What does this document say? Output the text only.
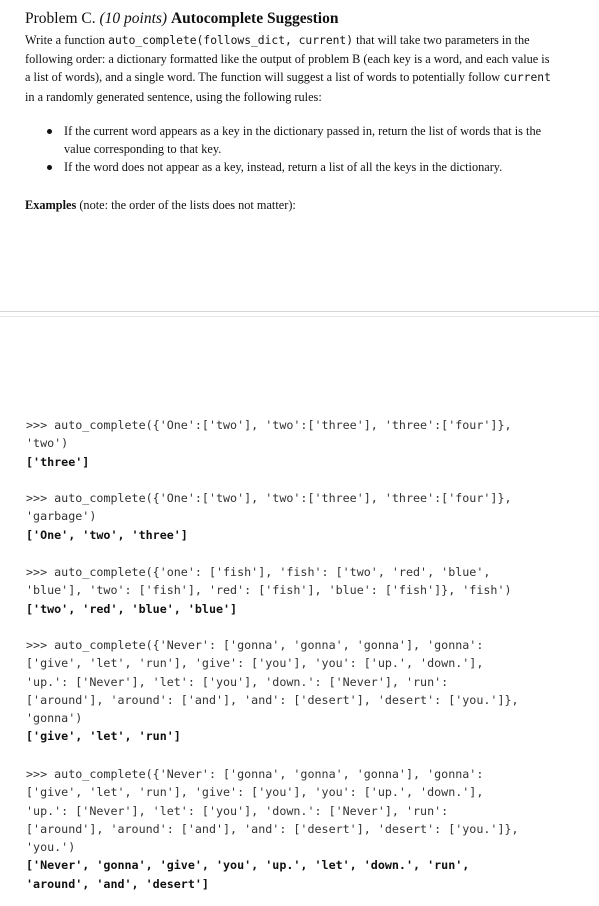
Problem C. (10 points) Autocomplete Suggestion
Write a function auto_complete(follows_dict, current) that will take two parameters in the following order: a dictionary formatted like the output of problem B (each key is a word, and each value is a list of words), and a single word. The function will suggest a list of words to potentially follow current in a randomly generated sentence, using the following rules:
If the current word appears as a key in the dictionary passed in, return the list of words that is the value corresponding to that key.
If the word does not appear as a key, instead, return a list of all the keys in the dictionary.
Examples (note: the order of the lists does not matter):
>>> auto_complete({'One':['two'], 'two':['three'], 'three':['four']},
'two')
['three']
>>> auto_complete({'One':['two'], 'two':['three'], 'three':['four']},
'garbage')
['One', 'two', 'three']
>>> auto_complete({'one': ['fish'], 'fish': ['two', 'red', 'blue',
'blue'], 'two': ['fish'], 'red': ['fish'], 'blue': ['fish']}, 'fish')
['two', 'red', 'blue', 'blue']
>>> auto_complete({'Never': ['gonna', 'gonna', 'gonna'], 'gonna':
['give', 'let', 'run'], 'give': ['you'], 'you': ['up.', 'down.'],
'up.': ['Never'], 'let': ['you'], 'down.': ['Never'], 'run':
['around'], 'around': ['and'], 'and': ['desert'], 'desert': ['you.']},
'gonna')
['give', 'let', 'run']
>>> auto_complete({'Never': ['gonna', 'gonna', 'gonna'], 'gonna':
['give', 'let', 'run'], 'give': ['you'], 'you': ['up.', 'down.'],
'up.': ['Never'], 'let': ['you'], 'down.': ['Never'], 'run':
['around'], 'around': ['and'], 'and': ['desert'], 'desert': ['you.']},
'you.')
['Never', 'gonna', 'give', 'you', 'up.', 'let', 'down.', 'run',
'around', 'and', 'desert']
